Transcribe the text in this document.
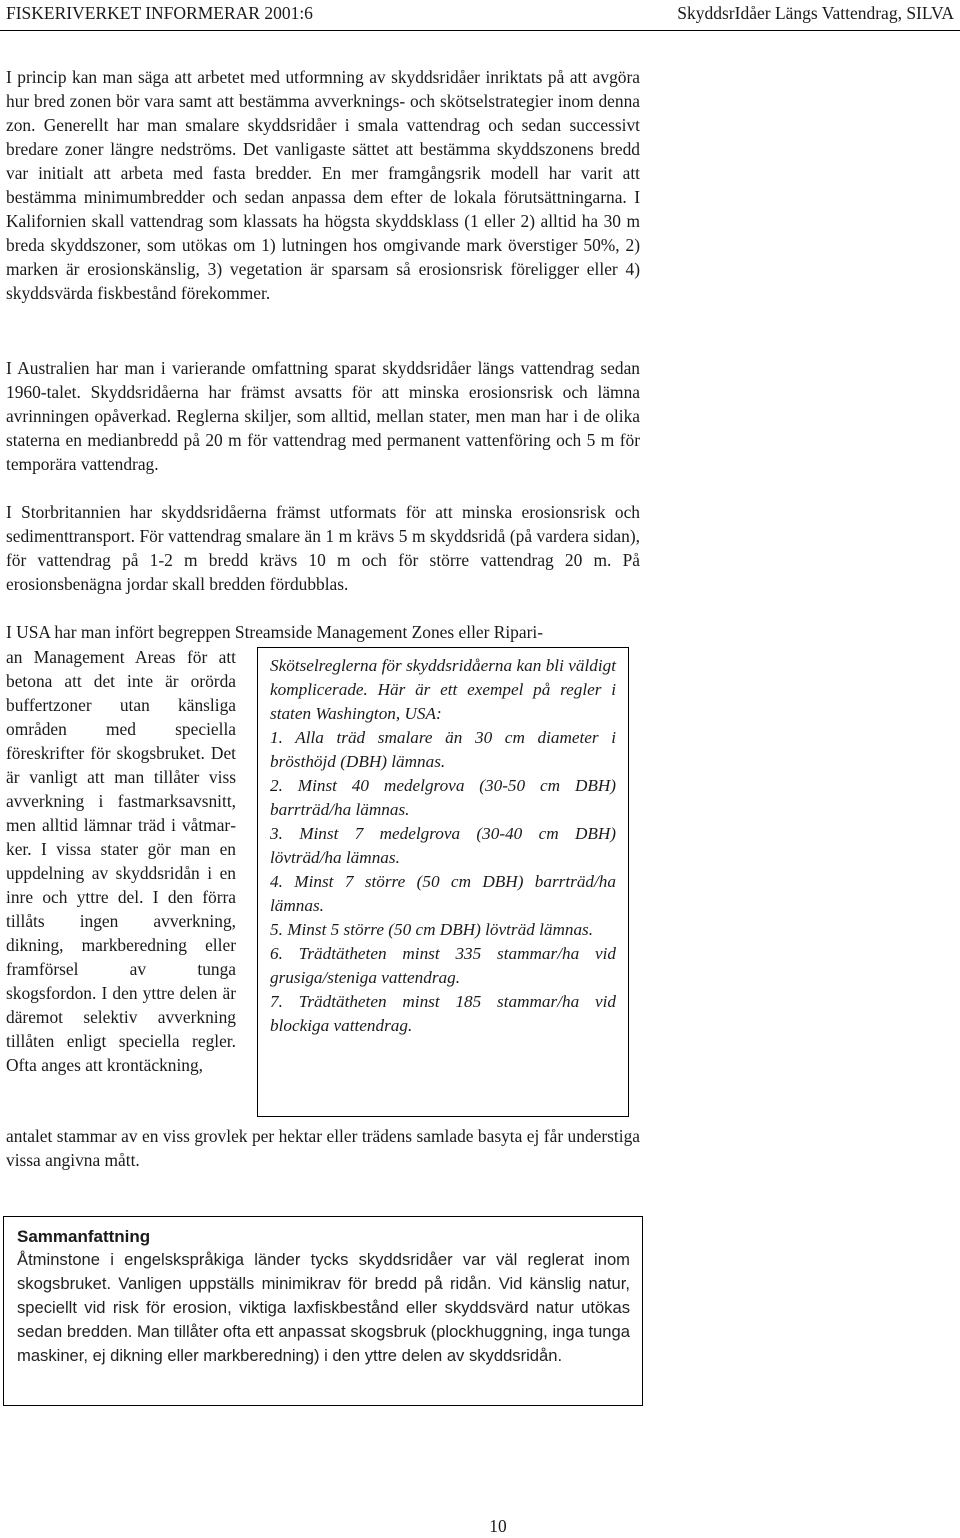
FISKERIVERKET INFORMERAR 2001:6	SkyddsrIdåer Längs Vattendrag, SILVA

I princip kan man säga att arbetet med utformning av skyddsridåer inriktats på att avgöra hur bred zonen bör vara samt att bestämma avverknings- och skötselstrategier inom denna zon. Generellt har man smalare skyddsridåer i smala vattendrag och sedan successivt bredare zoner längre nedströms. Det vanligaste sättet att bestämma skyddszonens bredd var initialt att arbeta med fasta bredder. En mer framgångsrik modell har varit att bestämma minimumbredder och sedan anpassa dem efter de lokala förutsättningarna. I Kalifornien skall vattendrag som klassats ha högsta skyddsklass (1 eller 2) alltid ha 30 m breda skyddszoner, som utökas om 1) lutningen hos omgivande mark överstiger 50%, 2) marken är erosionskänslig, 3) vegetation är sparsam så erosionsrisk föreligger eller 4) skyddsvärda fiskbestånd förekommer.

I Australien har man i varierande omfattning sparat skyddsridåer längs vattendrag sedan 1960-talet. Skyddsridåerna har främst avsatts för att minska erosionsrisk och lämna avrinningen opåverkad. Reglerna skiljer, som alltid, mellan stater, men man har i de olika staterna en medianbredd på 20 m för vattendrag med permanent vattenföring och 5 m för temporära vattendrag.

I Storbritannien har skyddsridåerna främst utformats för att minska erosionsrisk och sedimenttransport. För vattendrag smalare än 1 m krävs 5 m skyddsridå (på vardera sidan), för vattendrag på 1-2 m bredd krävs 10 m och för större vattendrag 20 m. På erosionsbenägna jordar skall bredden fördubblas.

I USA har man infört begreppen Streamside Management Zones eller Ripari-

an Management Areas för att betona att det inte är orörda buffertzoner utan känsliga områden med speciella föreskrifter för skogsbruket. Det är vanligt att man tillåter viss avverkning i fastmarksavsnitt, men alltid lämnar träd i våtmarker. I vissa stater gör man en uppdelning av skyddsridån i en inre och yttre del. I den förra tillåts ingen avverkning, dikning, markberedning eller framförsel av tunga skogsfordon. I den yttre delen är däremot selektiv avverkning tillåten enligt speciella regler. Ofta anges att krontäckning,

antalet stammar av en viss grovlek per hektar eller trädens samlade basyta ej får understiga vissa angivna mått.

Skötselreglerna för skyddsridåerna kan bli väldigt komplicerade. Här är ett exempel på regler i staten Washington, USA:

1. Alla träd smalare än 30 cm diameter i brösthöjd (DBH) lämnas.

2. Minst 40 medelgrova (30-50 cm DBH) barrträd/ha lämnas.

3. Minst 7 medelgrova (30-40 cm DBH) lövträd/ha lämnas.

4. Minst 7 större (50 cm DBH) barrträd/ha lämnas.

5. Minst 5 större (50 cm DBH) lövträd lämnas.

6. Trädtätheten minst 335 stammar/ha vid grusiga/steniga vattendrag.

7. Trädtätheten minst 185 stammar/ha vid blockiga vattendrag.

Sammanfattning

Åtminstone i engelskspråkiga länder tycks skyddsridåer var väl reglerat inom skogsbruket. Vanligen uppställs minimikrav för bredd på ridån. Vid känslig natur, speciellt vid risk för erosion, viktiga laxfiskbestånd eller skyddsvärd natur utökas sedan bredden. Man tillåter ofta ett anpassat skogsbruk (plockhuggning, inga tunga maskiner, ej dikning eller markberedning) i den yttre delen av skyddsridån.

10
